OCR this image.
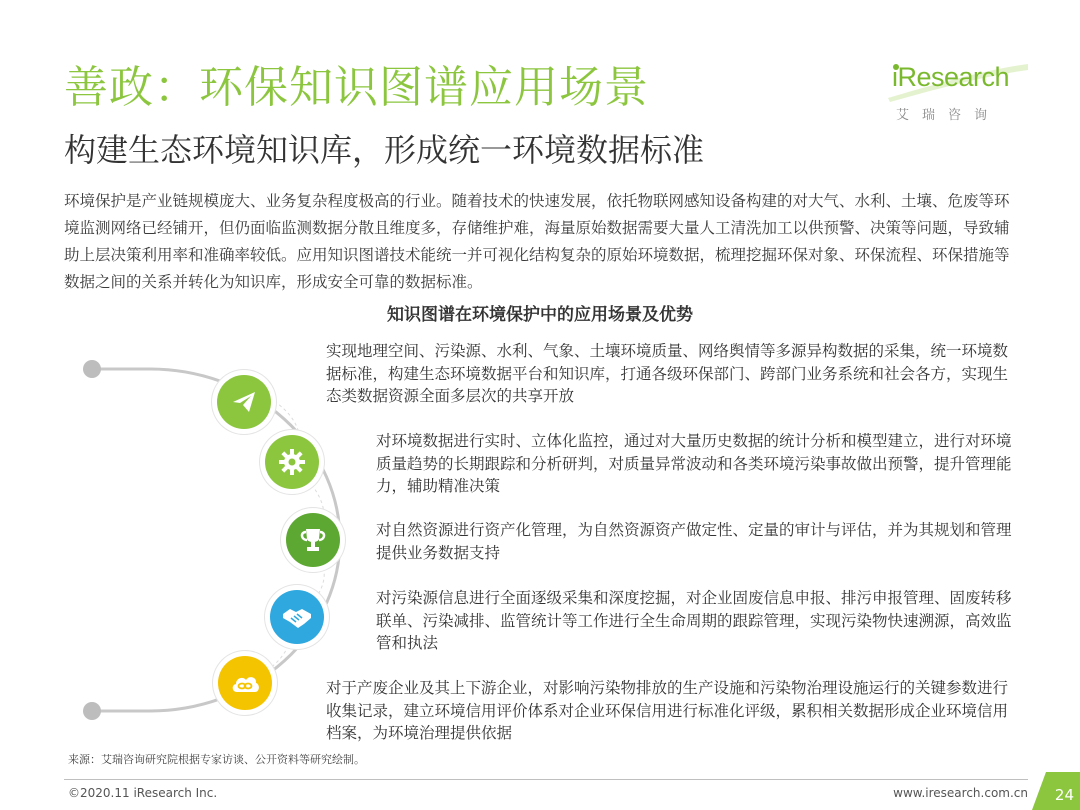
善政：环保知识图谱应用场景
构建生态环境知识库，形成统一环境数据标准
iResearch
艾瑞咨询

环境保护是产业链规模庞大、业务复杂程度极高的行业。随着技术的快速发展，依托物联网感知设备构建的对大气、水利、土壤、危废等环境监测网络已经铺开，但仍面临监测数据分散且维度多，存储维护难，海量原始数据需要大量人工清洗加工以供预警、决策等问题，导致辅助上层决策利用率和准确率较低。应用知识图谱技术能统一并可视化结构复杂的原始环境数据，梳理挖掘环保对象、环保流程、环保措施等数据之间的关系并转化为知识库，形成安全可靠的数据标准。

知识图谱在环境保护中的应用场景及优势

实现地理空间、污染源、水利、气象、土壤环境质量、网络舆情等多源异构数据的采集，统一环境数据标准，构建生态环境数据平台和知识库，打通各级环保部门、跨部门业务系统和社会各方，实现生态类数据资源全面多层次的共享开放

对环境数据进行实时、立体化监控，通过对大量历史数据的统计分析和模型建立，进行对环境质量趋势的长期跟踪和分析研判，对质量异常波动和各类环境污染事故做出预警，提升管理能力，辅助精准决策

对自然资源进行资产化管理，为自然资源资产做定性、定量的审计与评估，并为其规划和管理提供业务数据支持

对污染源信息进行全面逐级采集和深度挖掘，对企业固废信息申报、排污申报管理、固废转移联单、污染减排、监管统计等工作进行全生命周期的跟踪管理，实现污染物快速溯源，高效监管和执法

对于产废企业及其上下游企业，对影响污染物排放的生产设施和污染物治理设施运行的关键参数进行收集记录，建立环境信用评价体系对企业环保信用进行标准化评级，累积相关数据形成企业环境信用档案，为环境治理提供依据

来源：艾瑞咨询研究院根据专家访谈、公开资料等研究绘制。
©2020.11 iResearch Inc.	www.iresearch.com.cn 24
